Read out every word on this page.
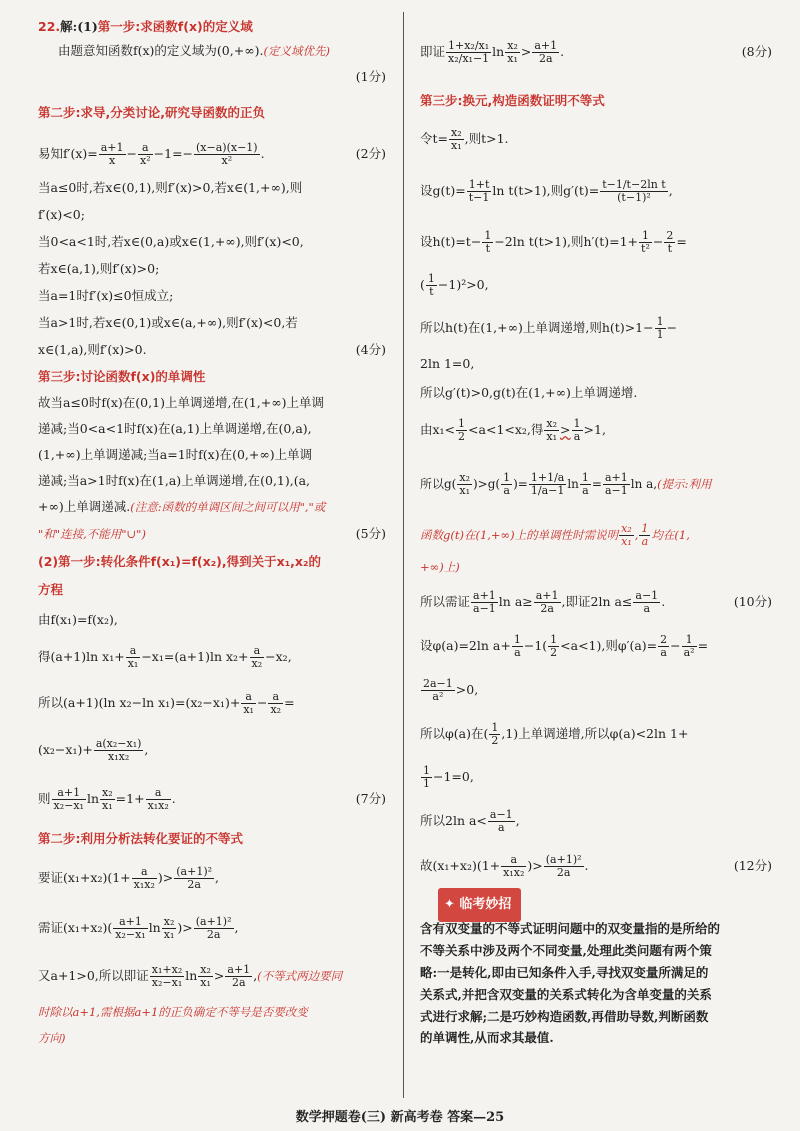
22.解:(1)第一步:求函数f(x)的定义域
由题意知函数f(x)的定义域为(0,+∞).(定义域优先)
(1分)
第二步:求导,分类讨论,研究导函数的正负
易知$f'(x)= \frac{a+1}{x} - \frac{a}{\text{x²}} -1=- \frac{(x-a)(x-1)}{\text{x²}}$ .	(2分)
当a≤0时,若x∈(0,1),则f′(x)>0,若x∈(1,+∞),则
f′(x)<0;
当0<a<1时,若x∈(0,a)或x∈(1,+∞),则f′(x)<0,
若x∈(a,1),则f′(x)>0;
当a=1时f′(x)≤0恒成立;
当a>1时,若x∈(0,1)或x∈(a,+∞),则f′(x)<0,若
x∈(1,a),则f′(x)>0.	(4分)
第三步:讨论函数f(x)的单调性
故当a≤0时f(x)在(0,1)上单调递增,在(1,+∞)上单调
递减;当0<a<1时f(x)在(a,1)上单调递增,在(0,a),
(1,+∞)上单调递减;当a=1时f(x)在(0,+∞)上单调
递减;当a>1时f(x)在(1,a)上单调递增,在(0,1),(a,
+∞)上单调递减.(注意:函数的单调区间之间可以用","或
"和"连接,不能用"∪")	(5分)
(2)第一步:转化条件f(x₁)=f(x₂),得到关于x₁,x₂的
方程
由f(x₁)=f(x₂),
得(a+1)ln $x_1+ \frac{a}{\text{x₁}} -x_1=(a+1)\ln$ $x_2+ \frac{a}{\text{x₂}} -x_2$,
所以(a+1)(ln x₂−ln $x_1)=(x_2-x_1)+ \frac{a}{\text{x₁}} - \frac{a}{\text{x₂}}$ =
$(x_2-x_1)+ \frac{\text{a(x₂−x₁)}}{\text{x₁x₂}}$ ,
则 $\frac{a+1}{\text{x₂−x₁}}$ $\ln \frac{\text{x₂}}{\text{x₁}} =1+ \frac{a}{\text{x₁x₂}}$ .	(7分)
第二步:利用分析法转化要证的不等式
要证$(x_1+x_2)(1+ \frac{a}{\text{x₁x₂}}$ )> $\frac{\text{(a+1)²}}{2a}$ ,
需证$(x_1+x_2)( \frac{a+1}{\text{x₂−x₁}}$ $\ln \frac{\text{x₂}}{\text{x₁}}$ )> $\frac{\text{(a+1)²}}{2a}$ ,
又a+1>0,所以即证 $\frac{\text{x₁+x₂}}{\text{x₂−x₁}}$ $\ln \frac{\text{x₂}}{\text{x₁}} > \frac{a+1}{2a}$ ,(不等式两边要同
时除以a+1,需根据a+1的正负确定不等号是否要改变
方向)
即证 $\frac{\text{1+x₂/x₁}}{\text{x₂/x₁−1}}$ $\ln \frac{\text{x₂}}{\text{x₁}} > \frac{a+1}{2a}$ .	(8分)
第三步:换元,构造函数证明不等式
令$t= \frac{\text{x₂}}{\text{x₁}}$ ,则t>1.
设$g(t)= \frac{1+t}{t-1}$ ln t(t>1),则$g'(t)= \frac{\text{t−1/t−2ln t}}{\text{(t−1)²}}$ ,
设$h(t)=t- \frac{1}{t} -2\ln$ t(t>1),则$h'(t)=1+ \frac{1}{\text{t²}} - \frac{2}{t}$ =
( $\frac{1}{t} -1)^2>0$,
所以h(t)在(1,+∞)上单调递增,则$h(t)>1- \frac{1}{1}$ −
2ln 1=0,
所以g′(t)>0,g(t)在(1,+∞)上单调递增.
由$x_1< \frac{1}{2} <a<1<x_2$,得 $\frac{\text{x₂}}{\text{x₁}} > \frac{1}{a} >1$,
所以$g( \frac{\text{x₂}}{\text{x₁}} )>g( \frac{1}{a}$ )= $\frac{1+1/a}{1/a-1}$ $\ln \frac{1}{a} = \frac{a+1}{a-1}$ ln a,(提示:利用
函数g(t)在(1,+∞)上的单调性时需说明 $\frac{\text{x₂}}{\text{x₁}}$ , $\frac{1}{a}$ 均在(1,
+∞)上)
所以需证 $\frac{a+1}{a-1}$ $\ln a\ge \frac{a+1}{2a}$ ,即证2ln $a\le \frac{a-1}{a}$ .	(10分)
设φ(a)=2ln $a+ \frac{1}{a} -1( \frac{1}{2} <a<1)$,则$\varphi'(a)= \frac{2}{a} - \frac{1}{\text{a²}}$ =
$\frac{2a-1}{\text{a²}} >0$,
所以φ(a)在( $\frac{1}{2} ,1$)上单调递增,所以φ(a)<2ln 1+
$\frac{1}{1} -1=0$,
所以2ln $a< \frac{a-1}{a}$ ,
故$(x_1+x_2)(1+ \frac{a}{\text{x₁x₂}}$ )> $\frac{\text{(a+1)²}}{2a}$ .	(12分)
✦ 临考妙招
含有双变量的不等式证明问题中的双变量指的是所给的
不等关系中涉及两个不同变量,处理此类问题有两个策
略:一是转化,即由已知条件入手,寻找双变量所满足的
关系式,并把含双变量的关系式转化为含单变量的关系
式进行求解;二是巧妙构造函数,再借助导数,判断函数
的单调性,从而求其最值.
数学押题卷(三) 新高考卷 答案—25
